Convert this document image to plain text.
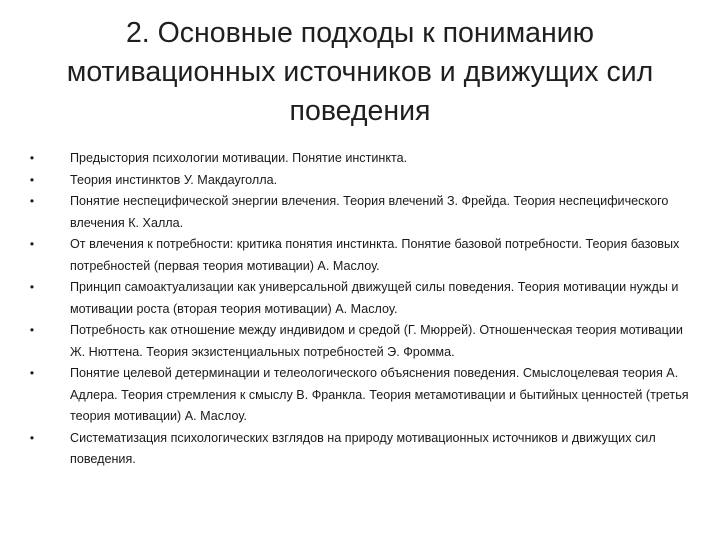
2. Основные подходы к пониманию мотивационных источников и движущих сил поведения
•	Предыстория психологии мотивации. Понятие инстинкта.
•	Теория инстинктов У. Макдауголла.
•	Понятие неспецифической энергии влечения. Теория влечений З. Фрейда. Теория неспецифического влечения К. Халла.
•	От влечения к потребности: критика понятия инстинкта. Понятие базовой потребности. Теория базовых потребностей (первая теория мотивации) А. Маслоу.
•	Принцип самоактуализации как универсальной движущей силы поведения. Теория мотивации нужды и мотивации роста (вторая теория мотивации) А. Маслоу.
•	Потребность как отношение между индивидом и средой (Г. Мюррей). Отношенческая теория мотивации Ж. Нюттена. Теория экзистенциальных потребностей Э. Фромма.
•	Понятие целевой детерминации и телеологического объяснения поведения. Смыслоцелевая теория А. Адлера. Теория стремления к смыслу В. Франкла. Теория метамотивации и бытийных ценностей (третья теория мотивации) А. Маслоу.
•	Систематизация психологических взглядов на природу мотивационных источников и движущих сил поведения.
